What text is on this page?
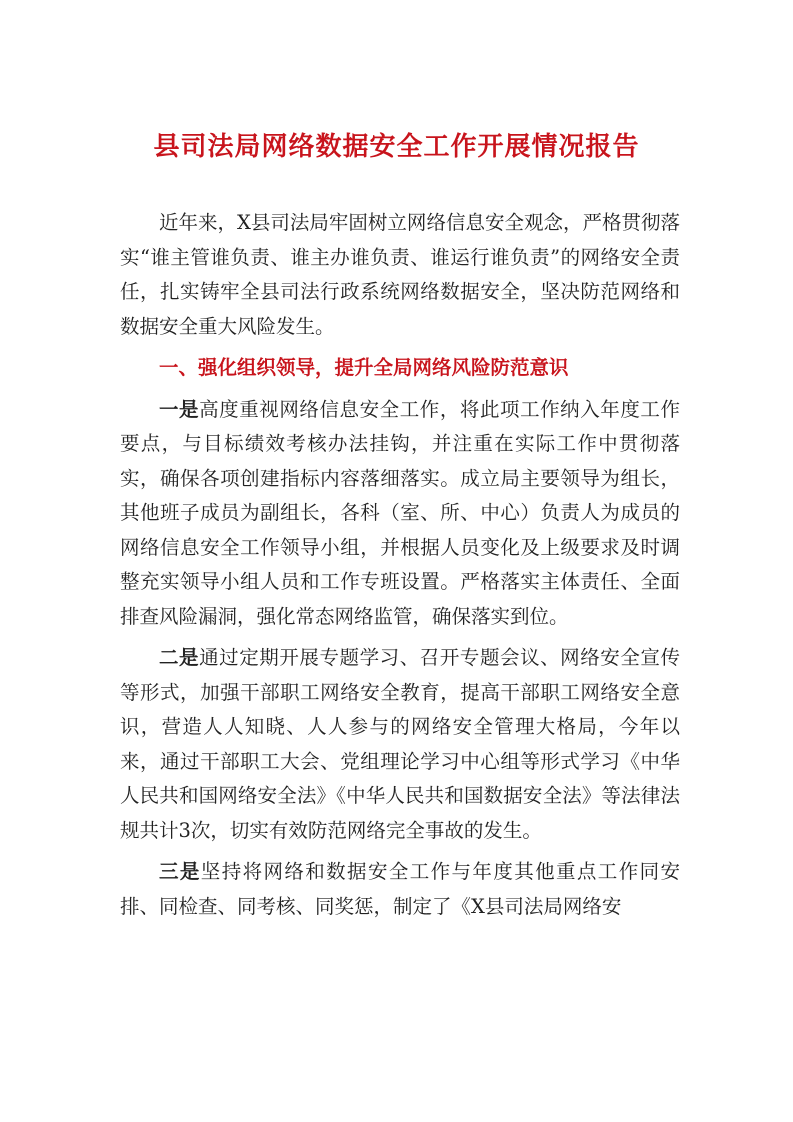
县司法局网络数据安全工作开展情况报告

近年来，X县司法局牢固树立网络信息安全观念，严格贯彻落实“谁主管谁负责、谁主办谁负责、谁运行谁负责”的网络安全责任，扎实铸牢全县司法行政系统网络数据安全，坚决防范网络和数据安全重大风险发生。

一、强化组织领导，提升全局网络风险防范意识

一是高度重视网络信息安全工作，将此项工作纳入年度工作要点，与目标绩效考核办法挂钩，并注重在实际工作中贯彻落实，确保各项创建指标内容落细落实。成立局主要领导为组长，其他班子成员为副组长，各科（室、所、中心）负责人为成员的网络信息安全工作领导小组，并根据人员变化及上级要求及时调整充实领导小组人员和工作专班设置。严格落实主体责任、全面排查风险漏洞，强化常态网络监管，确保落实到位。

二是通过定期开展专题学习、召开专题会议、网络安全宣传等形式，加强干部职工网络安全教育，提高干部职工网络安全意识，营造人人知晓、人人参与的网络安全管理大格局，今年以来，通过干部职工大会、党组理论学习中心组等形式学习《中华人民共和国网络安全法》《中华人民共和国数据安全法》等法律法规共计3次，切实有效防范网络完全事故的发生。

三是坚持将网络和数据安全工作与年度其他重点工作同安排、同检查、同考核、同奖惩，制定了《X县司法局网络安
